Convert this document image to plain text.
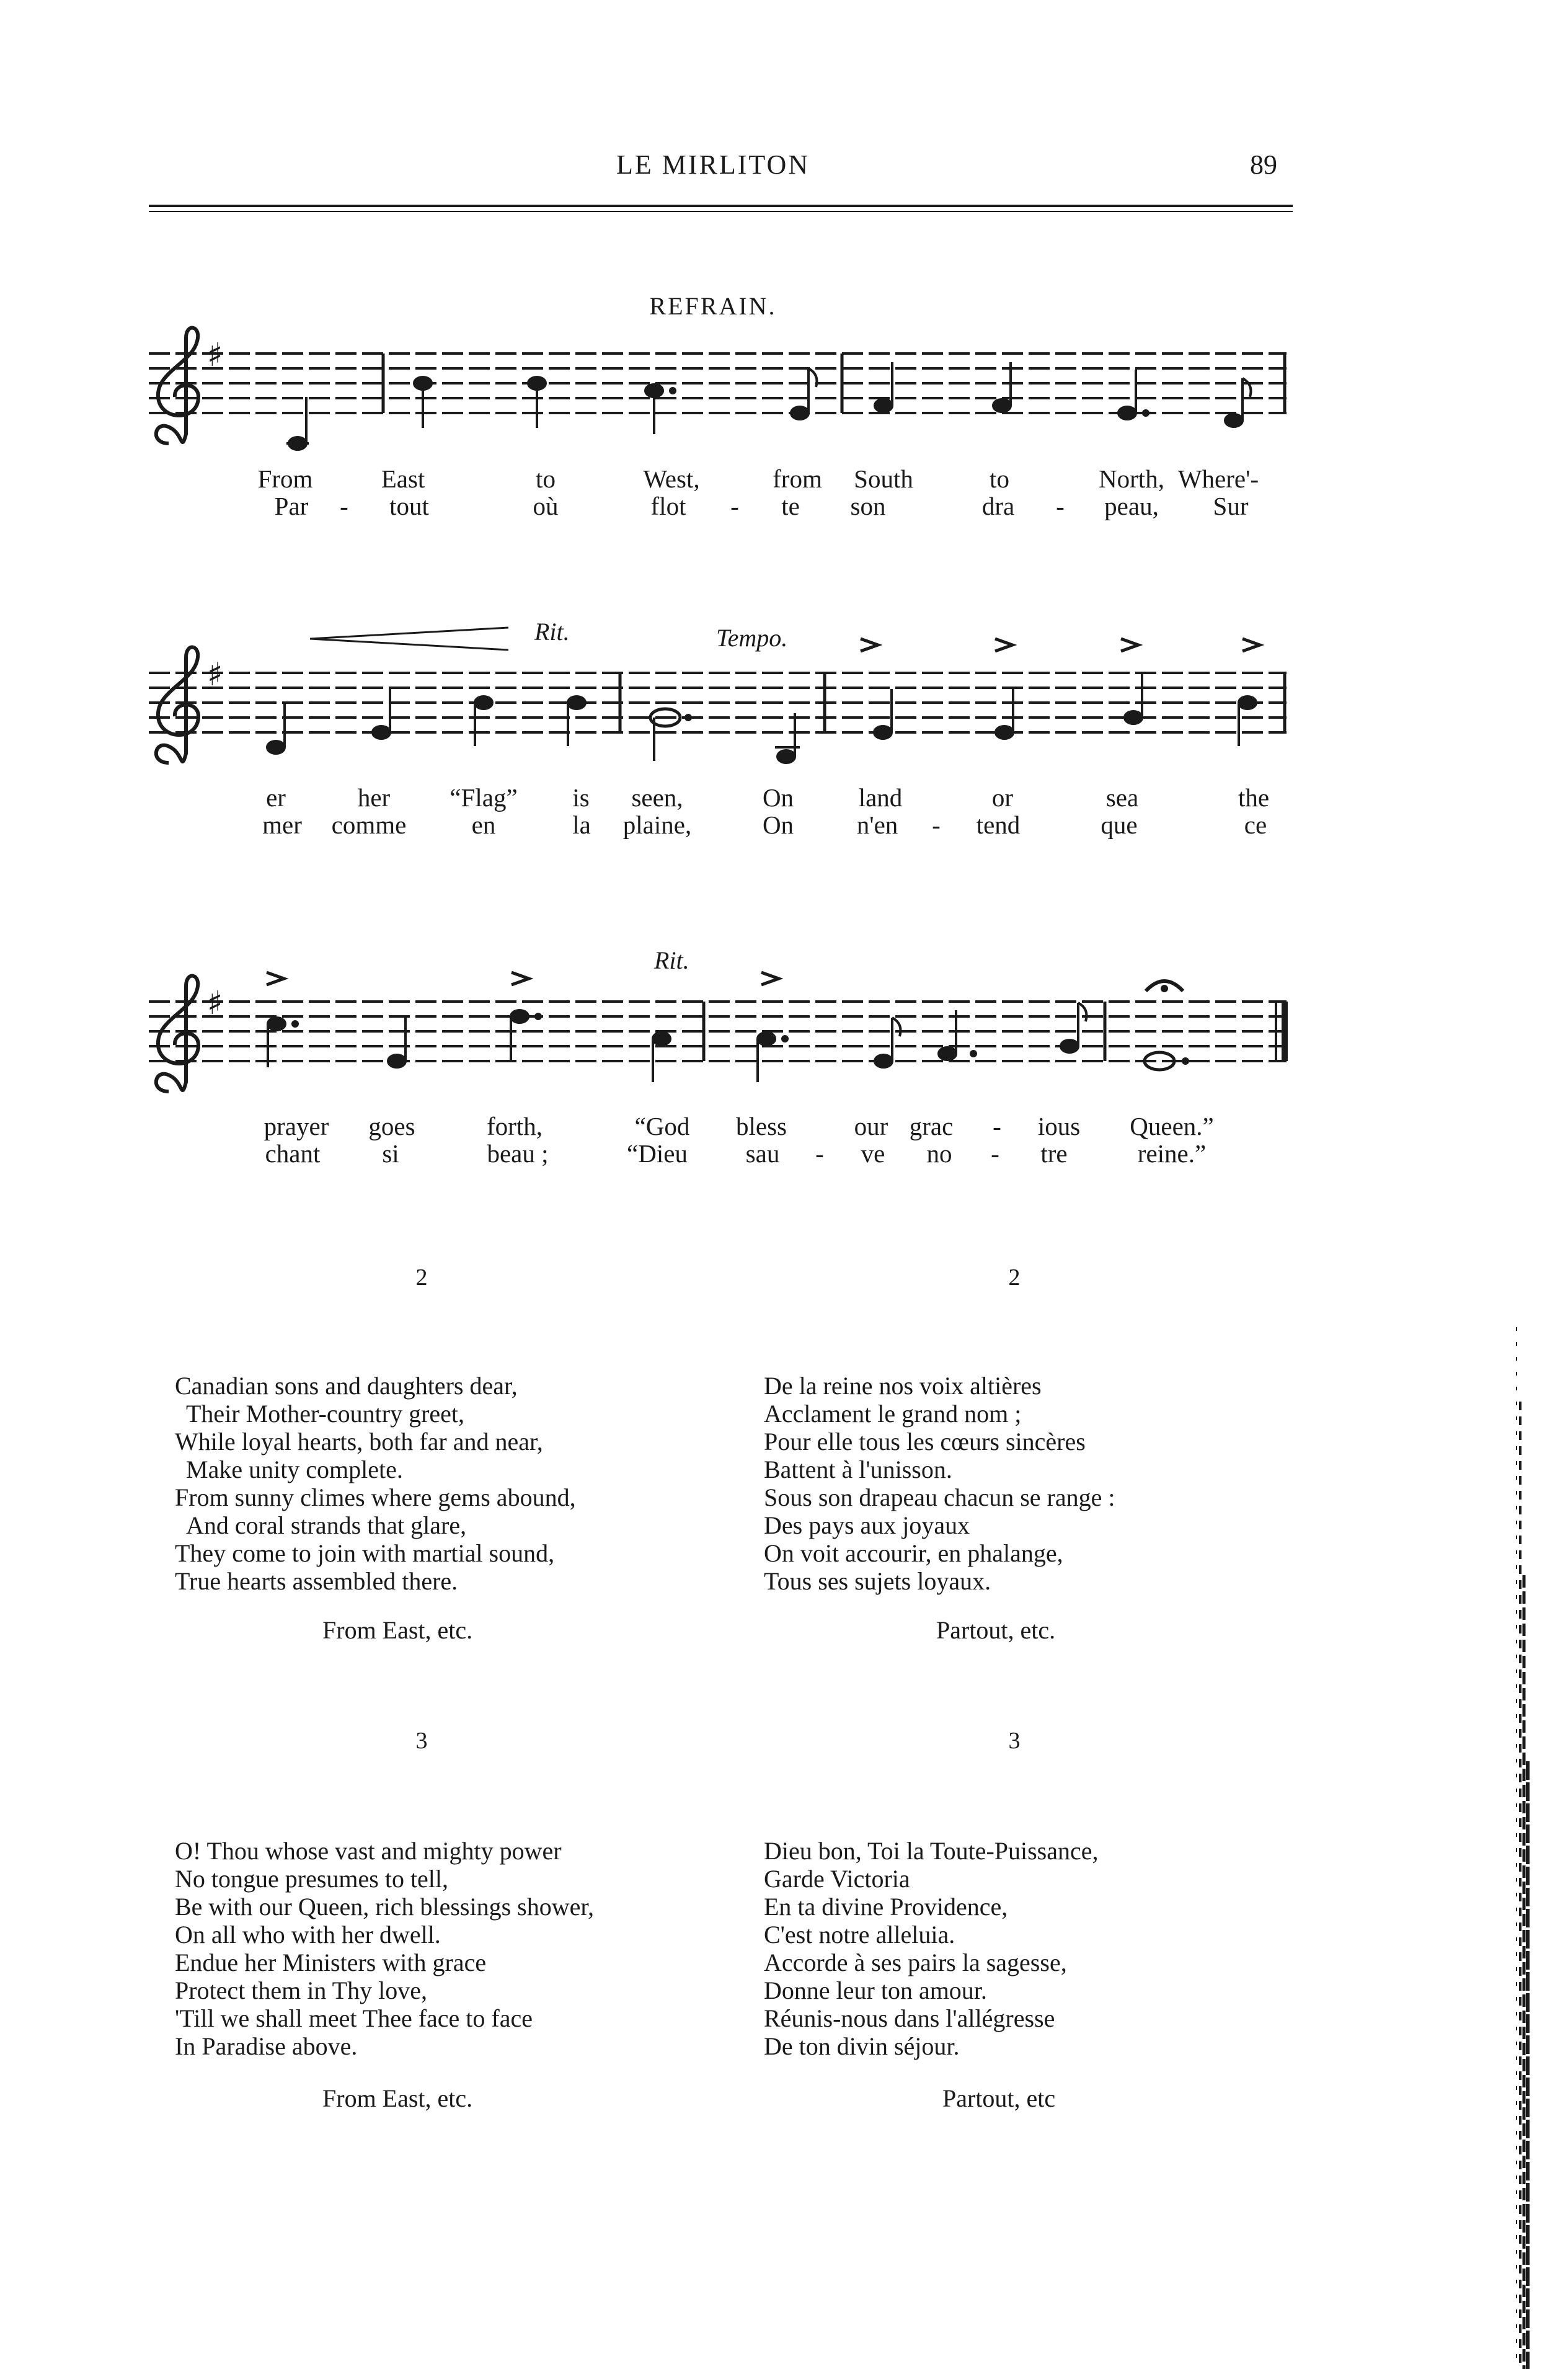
LE MIRLITON	89
REFRAIN.
♯
From	East	to	West,	from South	to	North, Where'-
Par - tout	où	flot - te son	dra - peau, Sur
Rit.	Tempo.
♯
er	her “Flag” is seen,	On	land	or	sea	the
mer comme	en	la plaine,	On n'en - tend	que	ce
Rit.
♯
prayer goes	forth,	“God bless	our grac - ious Queen.”
chant si	beau ;	“Dieu sau - ve no - tre	reine.”
2	2
Canadian sons and daughters dear,
Their Mother-country greet,
While loyal hearts, both far and near,
Make unity complete.
From sunny climes where gems abound,
And coral strands that glare,
They come to join with martial sound,
True hearts assembled there.
From East, etc.
De la reine nos voix altières
Acclament le grand nom ;
Pour elle tous les cœurs sincères
Battent à l'unisson.
Sous son drapeau chacun se range :
Des pays aux joyaux
On voit accourir, en phalange,
Tous ses sujets loyaux.
Partout, etc.
3	3
O! Thou whose vast and mighty power
No tongue presumes to tell,
Be with our Queen, rich blessings shower,
On all who with her dwell.
Endue her Ministers with grace
Protect them in Thy love,
'Till we shall meet Thee face to face
In Paradise above.
From East, etc.
Dieu bon, Toi la Toute-Puissance,
Garde Victoria
En ta divine Providence,
C'est notre alleluia.
Accorde à ses pairs la sagesse,
Donne leur ton amour.
Réunis-nous dans l'allégresse
De ton divin séjour.
Partout, etc
